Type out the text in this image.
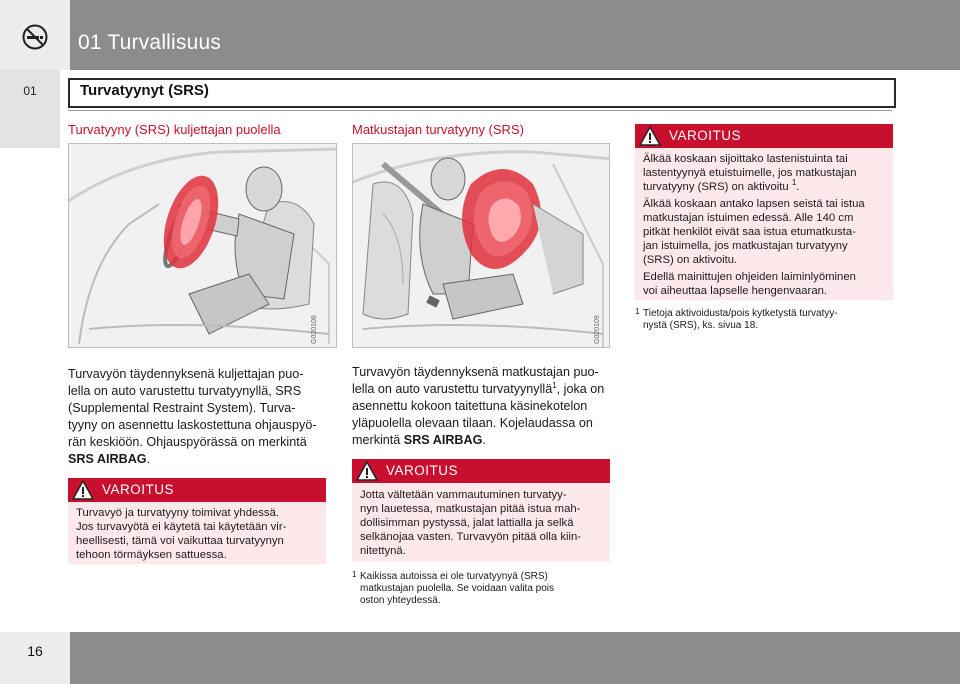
01 Turvallisuus
01	Turvatyynyt (SRS)
Turvatyyny (SRS) kuljettajan puolella
G020108
Turvavyön täydennyksenä kuljettajan puo-
lella on auto varustettu turvatyynyllä, SRS
(Supplemental Restraint System). Turva-
tyyny on asennettu laskostettuna ohjauspyö-
rän keskiöön. Ohjauspyörässä on merkintä
SRS AIRBAG.
VAROITUS
Turvavyö ja turvatyyny toimivat yhdessä.
Jos turvavyötä ei käytetä tai käytetään vir-
heellisesti, tämä voi vaikuttaa turvatyynyn
tehoon törmäyksen sattuessa.
Matkustajan turvatyyny (SRS)
G020109
Turvavyön täydennyksenä matkustajan puo-
lella on auto varustettu turvatyynyllä$^1$, joka on
asennettu kokoon taitettuna käsinekotelon
yläpuolella olevaan tilaan. Kojelaudassa on
merkintä SRS AIRBAG.
VAROITUS
Jotta vältetään vammautuminen turvatyy-
nyn lauetessa, matkustajan pitää istua mah-
dollisimman pystyssä, jalat lattialla ja selkä
selkänojaa vasten. Turvavyön pitää olla kiin-
nitettynä.
1 Kaikissa autoissa ei ole turvatyynyä (SRS)
matkustajan puolella. Se voidaan valita pois
oston yhteydessä.
VAROITUS
Älkää koskaan sijoittako lastenistuinta tai
lastentyynyä etuistuimelle, jos matkustajan
turvatyyny (SRS) on aktivoitu $^1$.
Älkää koskaan antako lapsen seistä tai istua
matkustajan istuimen edessä. Alle 140 cm
pitkät henkilöt eivät saa istua etumatkusta-
jan istuimella, jos matkustajan turvatyyny
(SRS) on aktivoitu.
Edellä mainittujen ohjeiden laiminlyöminen
voi aiheuttaa lapselle hengenvaaran.
1 Tietoja aktivoidusta/pois kytketystä turvatyy-
nystä (SRS), ks. sivua 18.
16
